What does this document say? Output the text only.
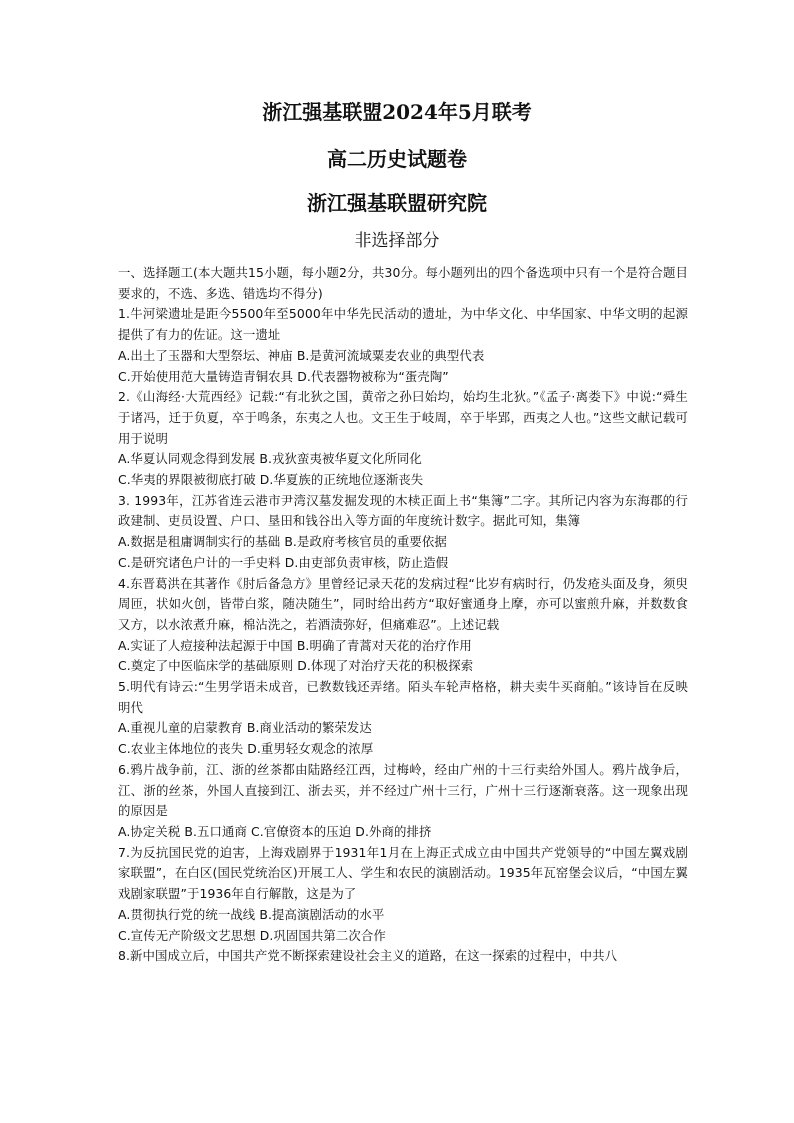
浙江强基联盟2024年5月联考

高二历史试题卷

浙江强基联盟研究院

非选择部分

一、选择题工(本大题共15小题，每小题2分，共30分。每小题列出的四个备选项中只有一个是符合题目要求的，不选、多选、错选均不得分)

1.牛河梁遗址是距今5500年至5000年中华先民活动的遗址，为中华文化、中华国家、中华文明的起源提供了有力的佐证。这一遗址

A.出土了玉器和大型祭坛、神庙 B.是黄河流域粟麦农业的典型代表

C.开始使用范大量铸造青铜农具 D.代表器物被称为“蛋壳陶”

2.《山海经·大荒西经》记载:“有北狄之国，黄帝之孙曰始均，始均生北狄。”《孟子·离娄下》中说:“舜生于诸冯，迁于负夏，卒于鸣条，东夷之人也。文王生于岐周，卒于毕郢，西夷之人也。”这些文献记载可用于说明

A.华夏认同观念得到发展 B.戎狄蛮夷被华夏文化所同化

C.华夷的界限被彻底打破 D.华夏族的正统地位逐渐丧失

3. 1993年，江苏省连云港市尹湾汉墓发掘发现的木椟正面上书“集簿”二字。其所记内容为东海郡的行政建制、吏员设置、户口、垦田和钱谷出入等方面的年度统计数字。据此可知，集簿

A.数据是租庸调制实行的基础 B.是政府考核官员的重要依据

C.是研究诸色户计的一手史料 D.由吏部负责审核，防止造假

4.东晋葛洪在其著作《肘后备急方》里曾经记录天花的发病过程“比岁有病时行，仍发疮头面及身，须臾周匝，状如火创，皆带白浆，随决随生”，同时给出药方“取好蜜通身上摩，亦可以蜜煎升麻，并数数食又方，以水浓煮升麻，棉沾洗之，若酒渍弥好，但痛难忍”。上述记载

A.实证了人痘接种法起源于中国 B.明确了青蒿对天花的治疗作用

C.奠定了中医临床学的基础原则 D.体现了对治疗天花的积极探索

5.明代有诗云:“生男学语未成音，已教数钱还弄绪。陌头车轮声格格，耕夫卖牛买商舶。”该诗旨在反映明代

A.重视儿童的启蒙教育 B.商业活动的繁荣发达

C.农业主体地位的丧失 D.重男轻女观念的浓厚

6.鸦片战争前，江、浙的丝茶都由陆路经江西，过梅岭，经由广州的十三行卖给外国人。鸦片战争后，江、浙的丝茶，外国人直接到江、浙去买，并不经过广州十三行，广州十三行逐渐衰落。这一现象出现的原因是

A.协定关税 B.五口通商 C.官僚资本的压迫 D.外商的排挤

7.为反抗国民党的迫害，上海戏剧界于1931年1月在上海正式成立由中国共产党领导的“中国左翼戏剧家联盟”，在白区(国民党统治区)开展工人、学生和农民的演剧活动。1935年瓦窑堡会议后，“中国左翼戏剧家联盟”于1936年自行解散，这是为了

A.贯彻执行党的统一战线 B.提高演剧活动的水平

C.宣传无产阶级文艺思想 D.巩固国共第二次合作

8.新中国成立后，中国共产党不断探索建设社会主义的道路，在这一探索的过程中，中共八
